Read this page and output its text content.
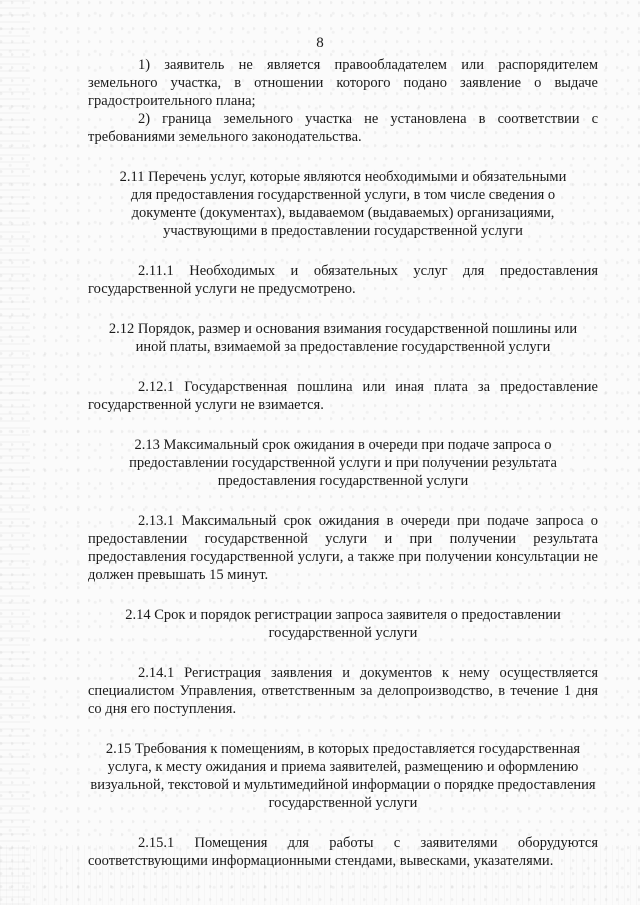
8

1) заявитель не является правообладателем или распорядителем земельного участка, в отношении которого подано заявление о выдаче градостроительного плана;

2) граница земельного участка не установлена в соответствии с требованиями земельного законодательства.

2.11 Перечень услуг, которые являются необходимыми и обязательными для предоставления государственной услуги, в том числе сведения о документе (документах), выдаваемом (выдаваемых) организациями, участвующими в предоставлении государственной услуги

2.11.1 Необходимых и обязательных услуг для предоставления государственной услуги не предусмотрено.

2.12 Порядок, размер и основания взимания государственной пошлины или иной платы, взимаемой за предоставление государственной услуги

2.12.1 Государственная пошлина или иная плата за предоставление государственной услуги не взимается.

2.13 Максимальный срок ожидания в очереди при подаче запроса о предоставлении государственной услуги и при получении результата предоставления государственной услуги

2.13.1 Максимальный срок ожидания в очереди при подаче запроса о предоставлении государственной услуги и при получении результата предоставления государственной услуги, а также при получении консультации не должен превышать 15 минут.

2.14 Срок и порядок регистрации запроса заявителя о предоставлении государственной услуги

2.14.1 Регистрация заявления и документов к нему осуществляется специалистом Управления, ответственным за делопроизводство, в течение 1 дня со дня его поступления.

2.15 Требования к помещениям, в которых предоставляется государственная услуга, к месту ожидания и приема заявителей, размещению и оформлению визуальной, текстовой и мультимедийной информации о порядке предоставления государственной услуги

2.15.1 Помещения для работы с заявителями оборудуются соответствующими информационными стендами, вывесками, указателями.
